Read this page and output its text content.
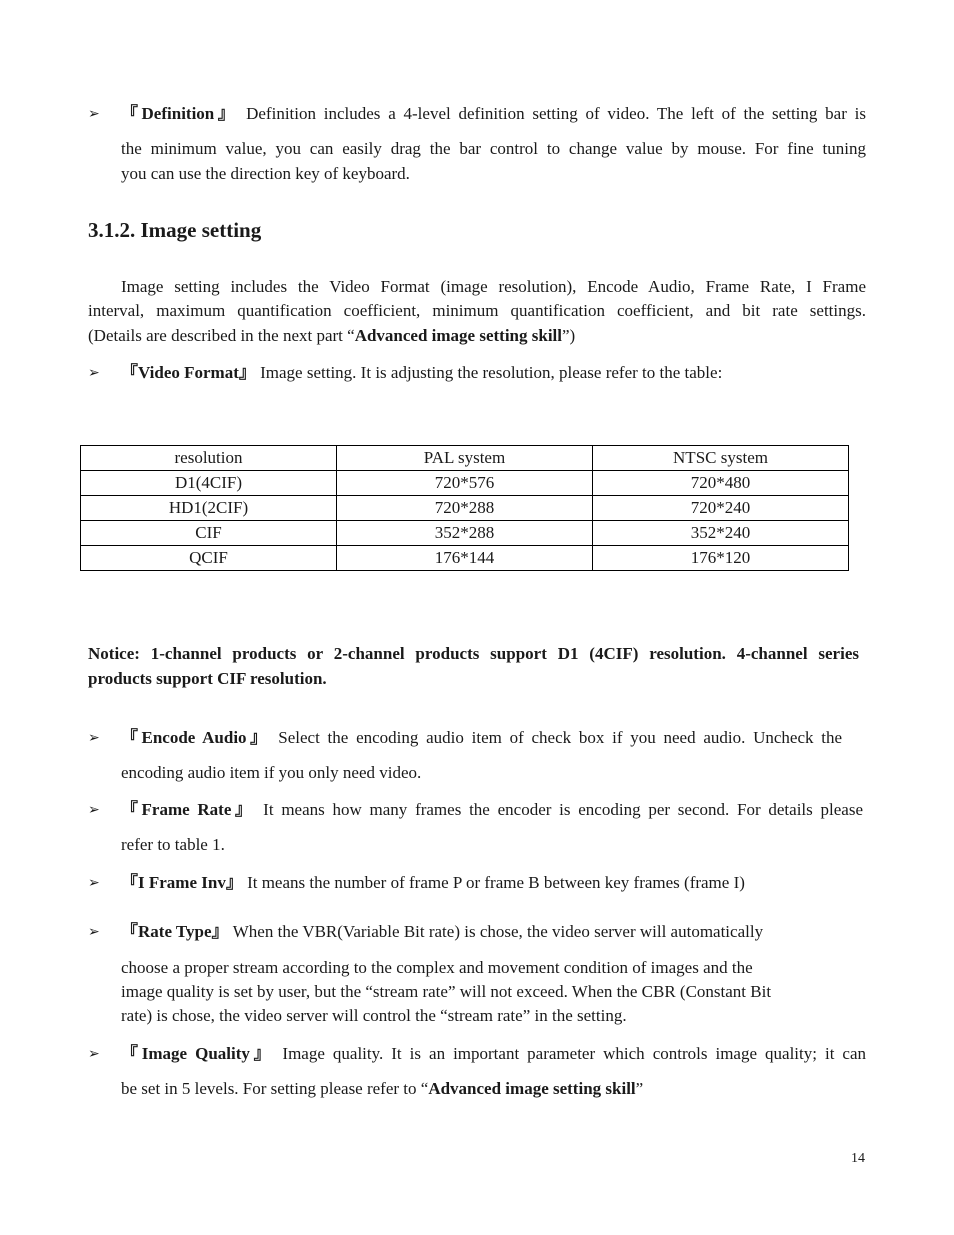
➢ 『Definition』 Definition includes a 4-level definition setting of video. The left of the setting bar is
the minimum value, you can easily drag the bar control to change value by mouse. For fine tuning
you can use the direction key of keyboard.
3.1.2. Image setting
Image setting includes the Video Format (image resolution), Encode Audio, Frame Rate, I Frame
interval, maximum quantification coefficient, minimum quantification coefficient, and bit rate settings.
(Details are described in the next part “Advanced image setting skill”)
➢ 『Video Format』 Image setting. It is adjusting the resolution, please refer to the table:
resolution	PAL system	NTSC system
D1(4CIF)	720*576	720*480
HD1(2CIF)	720*288	720*240
CIF	352*288	352*240
QCIF	176*144	176*120
Notice: 1-channel products or 2-channel products support D1 (4CIF) resolution. 4-channel series
products support CIF resolution.
➢ 『Encode Audio』 Select the encoding audio item of check box if you need audio. Uncheck the
encoding audio item if you only need video.
➢ 『Frame Rate』 It means how many frames the encoder is encoding per second. For details please
refer to table 1.
➢ 『I Frame Inv』 It means the number of frame P or frame B between key frames (frame I)
➢ 『Rate Type』 When the VBR(Variable Bit rate) is chose, the video server will automatically
choose a proper stream according to the complex and movement condition of images and the
image quality is set by user, but the “stream rate” will not exceed. When the CBR (Constant Bit
rate) is chose, the video server will control the “stream rate” in the setting.
➢ 『Image Quality』 Image quality. It is an important parameter which controls image quality; it can
be set in 5 levels. For setting please refer to “Advanced image setting skill”
14
